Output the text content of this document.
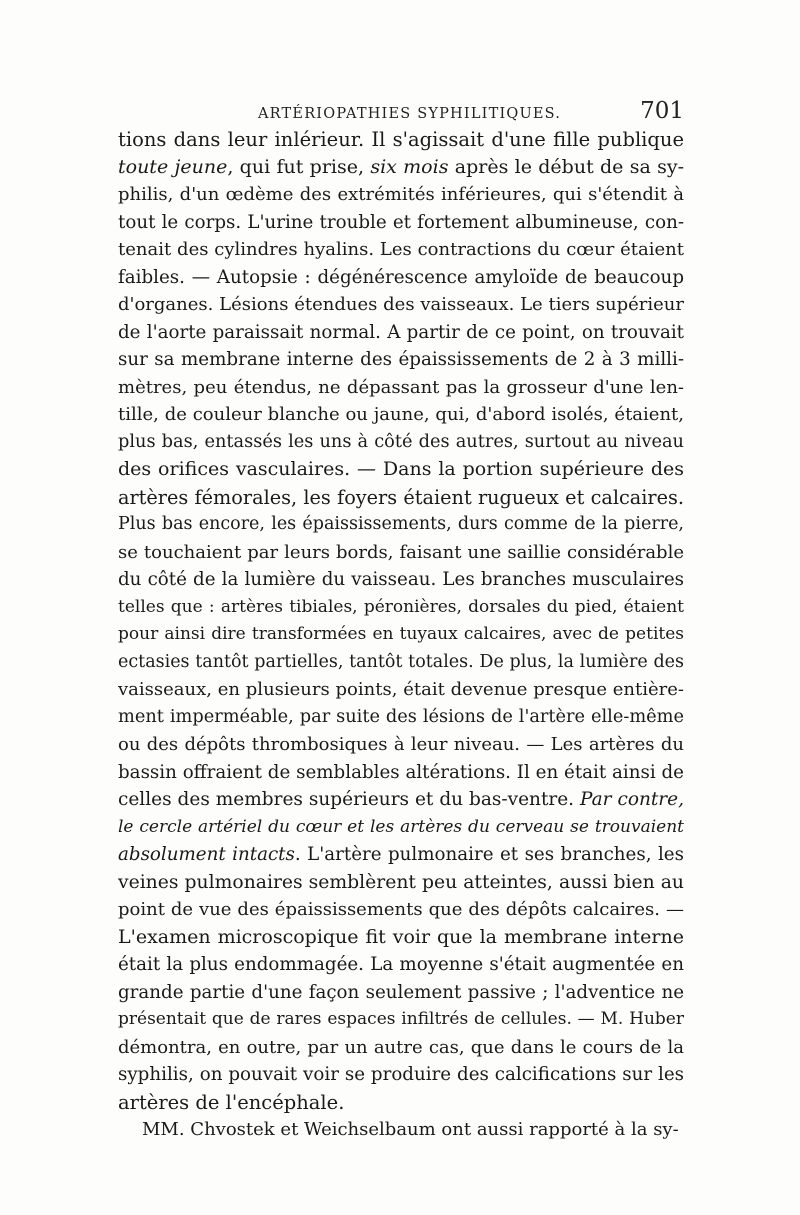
ARTÉRIOPATHIES SYPHILITIQUES.	701
tions dans leur inlérieur. Il s'agissait d'une fille publique
toute jeune, qui fut prise, six mois après le début de sa sy-
philis, d'un œdème des extrémités inférieures, qui s'étendit à
tout le corps. L'urine trouble et fortement albumineuse, con-
tenait des cylindres hyalins. Les contractions du cœur étaient
faibles. — Autopsie : dégénérescence amyloïde de beaucoup
d'organes. Lésions étendues des vaisseaux. Le tiers supérieur
de l'aorte paraissait normal. A partir de ce point, on trouvait
sur sa membrane interne des épaississements de 2 à 3 milli-
mètres, peu étendus, ne dépassant pas la grosseur d'une len-
tille, de couleur blanche ou jaune, qui, d'abord isolés, étaient,
plus bas, entassés les uns à côté des autres, surtout au niveau
des orifices vasculaires. — Dans la portion supérieure des
artères fémorales, les foyers étaient rugueux et calcaires.
Plus bas encore, les épaississements, durs comme de la pierre,
se touchaient par leurs bords, faisant une saillie considérable
du côté de la lumière du vaisseau. Les branches musculaires
telles que : artères tibiales, péronières, dorsales du pied, étaient
pour ainsi dire transformées en tuyaux calcaires, avec de petites
ectasies tantôt partielles, tantôt totales. De plus, la lumière des
vaisseaux, en plusieurs points, était devenue presque entière-
ment imperméable, par suite des lésions de l'artère elle-même
ou des dépôts thrombosiques à leur niveau. — Les artères du
bassin offraient de semblables altérations. Il en était ainsi de
celles des membres supérieurs et du bas-ventre. Par contre,
le cercle artériel du cœur et les artères du cerveau se trouvaient
absolument intacts. L'artère pulmonaire et ses branches, les
veines pulmonaires semblèrent peu atteintes, aussi bien au
point de vue des épaississements que des dépôts calcaires. —
L'examen microscopique fit voir que la membrane interne
était la plus endommagée. La moyenne s'était augmentée en
grande partie d'une façon seulement passive ; l'adventice ne
présentait que de rares espaces infiltrés de cellules. — M. Huber
démontra, en outre, par un autre cas, que dans le cours de la
syphilis, on pouvait voir se produire des calcifications sur les
artères de l'encéphale.
MM. Chvostek et Weichselbaum ont aussi rapporté à la sy-
